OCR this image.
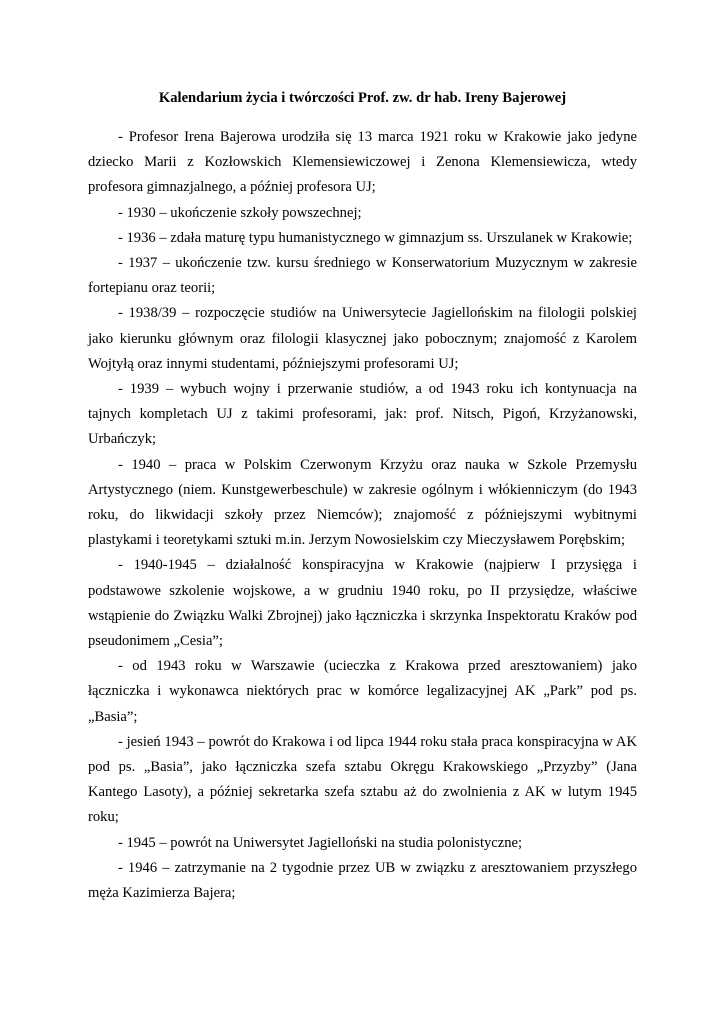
Kalendarium życia i twórczości Prof. zw. dr hab. Ireny Bajerowej

- Profesor Irena Bajerowa urodziła się 13 marca 1921 roku w Krakowie jako jedyne dziecko Marii z Kozłowskich Klemensiewiczowej i Zenona Klemensiewicza, wtedy profesora gimnazjalnego, a później profesora UJ;

- 1930 – ukończenie szkoły powszechnej;

- 1936 – zdała maturę typu humanistycznego w gimnazjum ss. Urszulanek w Krakowie;

- 1937 – ukończenie tzw. kursu średniego w Konserwatorium Muzycznym w zakresie fortepianu oraz teorii;

- 1938/39 – rozpoczęcie studiów na Uniwersytecie Jagiellońskim na filologii polskiej jako kierunku głównym oraz filologii klasycznej jako pobocznym; znajomość z Karolem Wojtyłą oraz innymi studentami, późniejszymi profesorami UJ;

- 1939 – wybuch wojny i przerwanie studiów, a od 1943 roku ich kontynuacja na tajnych kompletach UJ z takimi profesorami, jak: prof. Nitsch, Pigoń, Krzyżanowski, Urbańczyk;

- 1940 – praca w Polskim Czerwonym Krzyżu oraz nauka w Szkole Przemysłu Artystycznego (niem. Kunstgewerbeschule) w zakresie ogólnym i włókienniczym (do 1943 roku, do likwidacji szkoły przez Niemców); znajomość z późniejszymi wybitnymi plastykami i teoretykami sztuki m.in. Jerzym Nowosielskim czy Mieczysławem Porębskim;

- 1940-1945 – działalność konspiracyjna w Krakowie (najpierw I przysięga i podstawowe szkolenie wojskowe, a w grudniu 1940 roku, po II przysiędze, właściwe wstąpienie do Związku Walki Zbrojnej) jako łączniczka i skrzynka Inspektoratu Kraków pod pseudonimem „Cesia”;

- od 1943 roku w Warszawie (ucieczka z Krakowa przed aresztowaniem) jako łączniczka i wykonawca niektórych prac w komórce legalizacyjnej AK „Park” pod ps. „Basia”;

- jesień 1943 – powrót do Krakowa i od lipca 1944 roku stała praca konspiracyjna w AK pod ps. „Basia”, jako łączniczka szefa sztabu Okręgu Krakowskiego „Przyzby” (Jana Kantego Lasoty), a później sekretarka szefa sztabu aż do zwolnienia z AK w lutym 1945 roku;

- 1945 – powrót na Uniwersytet Jagielloński na studia polonistyczne;

- 1946 – zatrzymanie na 2 tygodnie przez UB w związku z aresztowaniem przyszłego męża Kazimierza Bajera;
